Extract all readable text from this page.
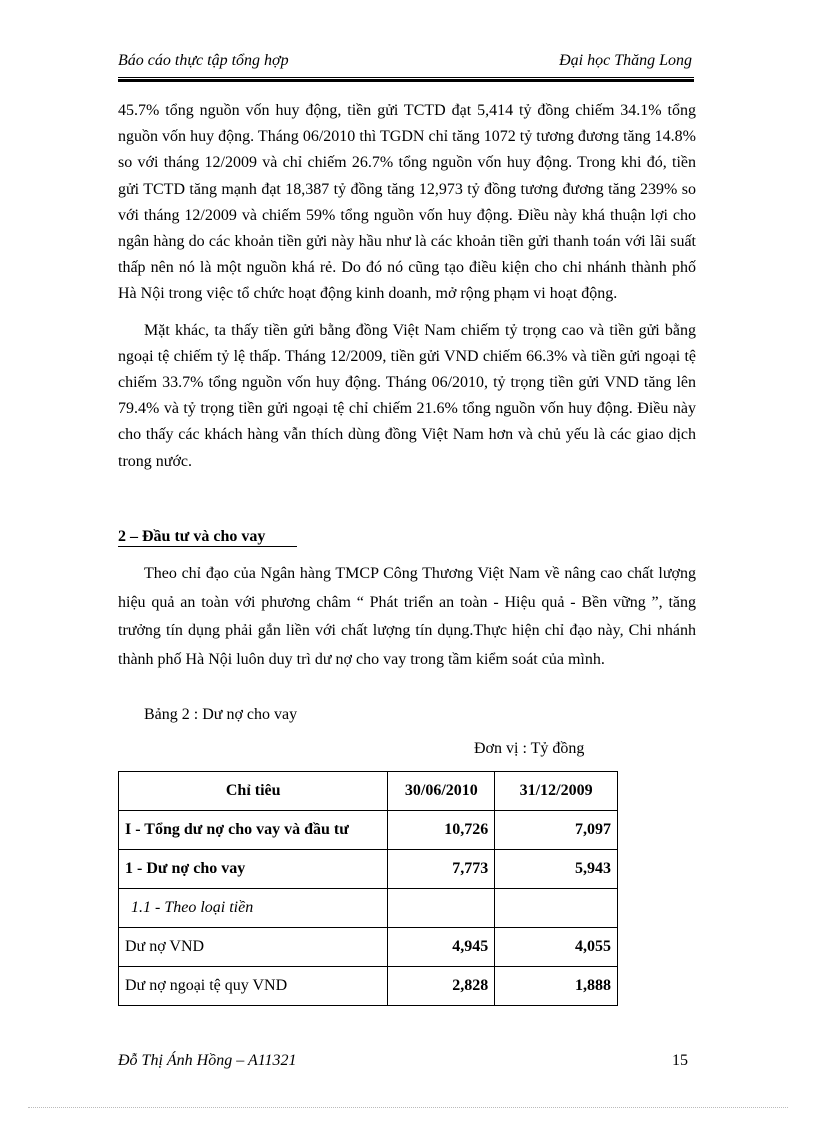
Báo cáo thực tập tổng hợp	Đại học Thăng Long

45.7% tổng nguồn vốn huy động, tiền gửi TCTD đạt 5,414 tỷ đồng chiếm 34.1% tổng nguồn vốn huy động. Tháng 06/2010 thì TGDN chỉ tăng 1072 tỷ tương đương tăng 14.8% so với tháng 12/2009 và chỉ chiếm 26.7% tổng nguồn vốn huy động. Trong khi đó, tiền gửi TCTD tăng mạnh đạt 18,387 tỷ đồng tăng 12,973 tỷ đồng tương đương tăng 239% so với tháng 12/2009 và chiếm 59% tổng nguồn vốn huy động. Điều này khá thuận lợi cho ngân hàng do các khoản tiền gửi này hầu như là các khoản tiền gửi thanh toán với lãi suất thấp nên nó là một nguồn khá rẻ. Do đó nó cũng tạo điều kiện cho chi nhánh thành phố Hà Nội trong việc tổ chức hoạt động kinh doanh, mở rộng phạm vi hoạt động.

Mặt khác, ta thấy tiền gửi bằng đồng Việt Nam chiếm tỷ trọng cao và tiền gửi bằng ngoại tệ chiếm tỷ lệ thấp. Tháng 12/2009, tiền gửi VND chiếm 66.3% và tiền gửi ngoại tệ chiếm 33.7% tổng nguồn vốn huy động. Tháng 06/2010, tỷ trọng tiền gửi VND tăng lên 79.4% và tỷ trọng tiền gửi ngoại tệ chỉ chiếm 21.6% tổng nguồn vốn huy động. Điều này cho thấy các khách hàng vẫn thích dùng đồng Việt Nam hơn và chủ yếu là các giao dịch trong nước.

2 – Đầu tư và cho vay

Theo chỉ đạo của Ngân hàng TMCP Công Thương Việt Nam về nâng cao chất lượng hiệu quả an toàn với phương châm “ Phát triển an toàn - Hiệu quả - Bền vững ”, tăng trưởng tín dụng phải gắn liền với chất lượng tín dụng.Thực hiện chỉ đạo này, Chi nhánh thành phố Hà Nội luôn duy trì dư nợ cho vay trong tầm kiểm soát của mình.

Bảng 2 : Dư nợ cho vay
Đơn vị : Tỷ đồng
Chỉ tiêu	30/06/2010	31/12/2009
I - Tổng dư nợ cho vay và đầu tư	10,726	7,097
1 - Dư nợ cho vay	7,773	5,943
1.1 - Theo loại tiền		
Dư nợ VND	4,945	4,055
Dư nợ ngoại tệ quy VND	2,828	1,888
Đỗ Thị Ánh Hồng – A11321	15
